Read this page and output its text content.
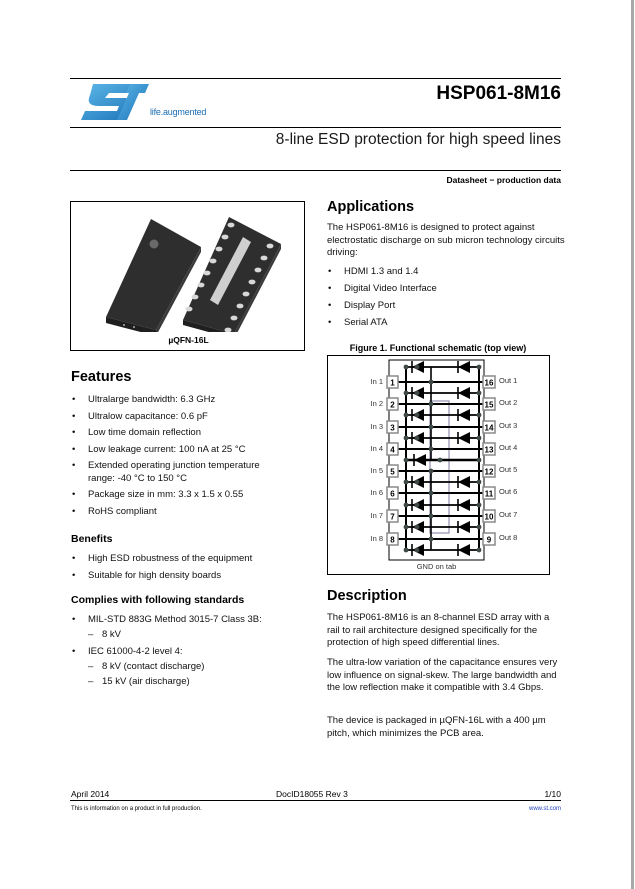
life.augmented
HSP061-8M16
8-line ESD protection for high speed lines
Datasheet − production data
µQFN-16L
Features
• Ultralarge bandwidth: 6.3 GHz
• Ultralow capacitance: 0.6 pF
• Low time domain reflection
• Low leakage current: 100 nA at 25 °C
• Extended operating junction temperature range: -40 °C to 150 °C
• Package size in mm: 3.3 x 1.5 x 0.55
• RoHS compliant
Benefits
• High ESD robustness of the equipment
• Suitable for high density boards
Complies with following standards
• MIL-STD 883G Method 3015-7 Class 3B:
– 8 kV
• IEC 61000-4-2 level 4:
– 8 kV (contact discharge)
– 15 kV (air discharge)
Applications
The HSP061-8M16 is designed to protect against electrostatic discharge on sub micron technology circuits driving:
• HDMI 1.3 and 1.4
• Digital Video Interface
• Display Port
• Serial ATA
Figure 1. Functional schematic (top view)
1
2
3
4
5
6
7
8
16
15
14
13
12
11
10
9
GND on tab
In 1
In 2
In 3
In 4
In 5
In 6
In 7
In 8
Out 1
Out 2
Out 3
Out 4
Out 5
Out 6
Out 7
Out 8
Description
The HSP061-8M16 is an 8-channel ESD array with a rail to rail architecture designed specifically for the protection of high speed differential lines.
The ultra-low variation of the capacitance ensures very low influence on signal-skew. The large bandwidth and the low reflection make it compatible with 3.4 Gbps.
The device is packaged in µQFN-16L with a 400 µm pitch, which minimizes the PCB area.
April 2014	DocID18055 Rev 3	1/10
This is information on a product in full production.	www.st.com
